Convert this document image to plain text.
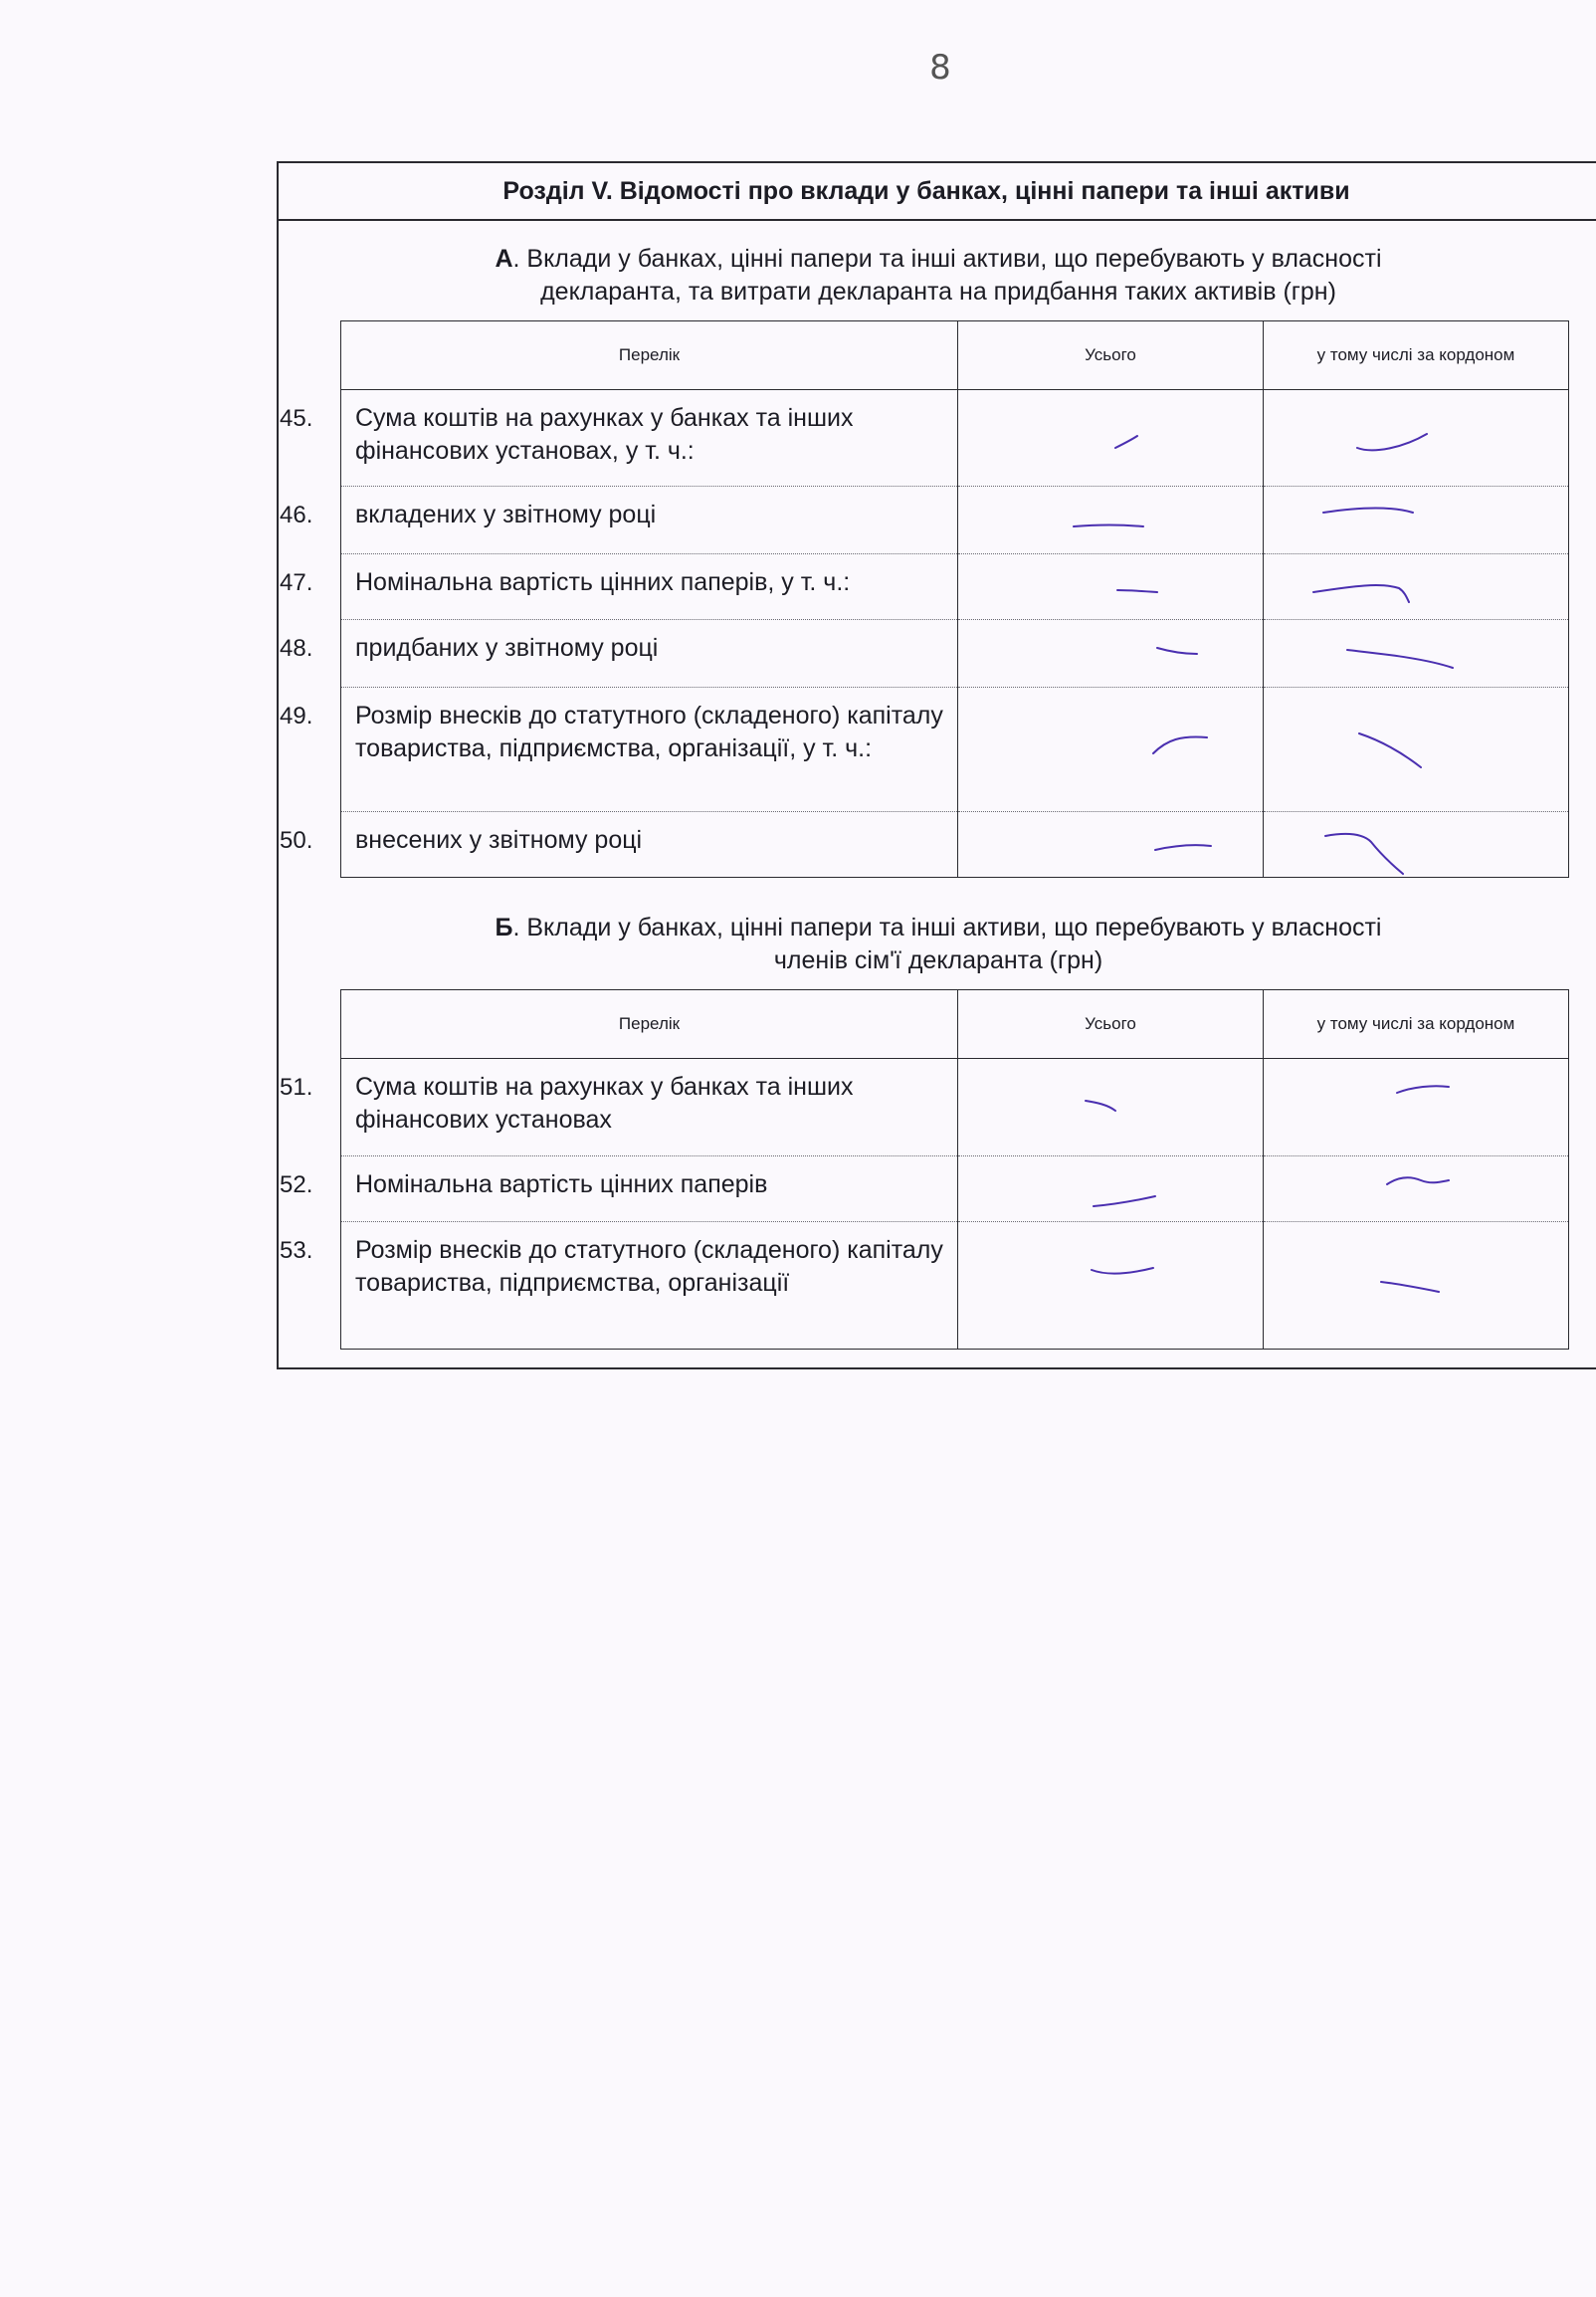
8
Розділ V. Відомості про вклади у банках, цінні папери та інші активи
А. Вклади у банках, цінні папери та інші активи, що перебувають у власності
декларанта, та витрати декларанта на придбання таких активів (грн)
Перелік	Усього	у тому числі за кордоном

45. Сума коштів на рахунках у банках та інших фінансових установах, у т. ч.:	

46. вкладених у звітному році	

47. Номінальна вартість цінних паперів, у т. ч.:	

48. придбаних у звітному році	

49. Розмір внесків до статутного (складеного) капіталу товариства, підприємства, організації, у т. ч.:	

50. внесених у звітному році	

Б. Вклади у банках, цінні папери та інші активи, що перебувають у власності
членів сім'ї декларанта (грн)
Перелік	Усього	у тому числі за кордоном

51. Сума коштів на рахунках у банках та інших фінансових установах	

52. Номінальна вартість цінних паперів	

53. Розмір внесків до статутного (складеного) капіталу товариства, підприємства, організації	
